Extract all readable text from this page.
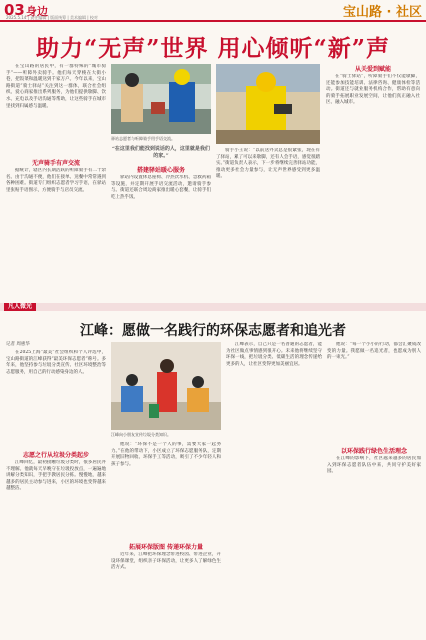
03 身边
2025.5.14 | 责任编辑 | 版面统筹 | 美术编辑 | 校对	宝山路 · 社区
助力“无声”世界 用心倾听“新”声
在宝山路的居民中，有一群特殊的“城市骑手”——听障外卖骑手。他们每天穿梭在大街小巷，把饭菜和温暖送到千家万户。今年以来，宝山路街道“骑士驿站”关注到这一群体，联合社会组织、爱心商家推出系列服务，为他们提供歇脚、饮水、充电以及手语沟通等帮助，让这些骑手在城市里找到归属感与温暖。
无声骑手有声交流
据统计，辖区内长期活跃的听障骑手有二十余名。由于沟通不便，他们在接单、送餐中常常遇到各种困难。街道专门组织志愿者学习手语，在驿站里张贴手语图示，方便骑手与店员交流。
驿站志愿者与听障骑手用手语交流。
“在这里我们能找到说话的人，这里就是我们的家。”
搭建驿站暖心服务
驿站内设置休息座椅、冷热饮水机、急救药箱等设施，并定期开展手语交流活动，邀请骑手参与。街道还联合周边商家推出暖心套餐，让骑手们吃上热乎饭。
骑手小王说：“以前送外卖总是很紧张，现在有了驿站，累了可以来歇脚，还有人会手语，感觉很踏实。”街道负责人表示，下一步将继续完善驿站功能，推动更多社会力量参与，让无声世界感受到更多温暖。
从关爱到赋能
在“骑士驿站”，听障骑手们不仅能歇脚，还能参加技能培训、法律咨询、健康体检等活动。街道还与就业服务机构合作，帮助有意向的骑手拓展职业发展空间，让他们真正融入社区、融入城市。
凡人微光
江峰：愿做一名践行的环保志愿者和追光者
记者 周惠华
在2025上海“最美”社会组织和个人评选中，宝山路街道的江峰获得“最美环保志愿者”称号。多年来，他坚持参与垃圾分类宣传、社区环境整治等志愿服务，用自己的行动感染身边的人。
志愿之行从垃圾分类起步
江峰回忆，最初接触垃圾分类时，很多居民并不理解。他就每天早晚守在垃圾投放点，一遍遍地讲解分类知识，手把手教居民分拣。慢慢地，越来越多的居民主动参与进来，小区的环境也变得越来越整洁。
江峰向小朋友宣传垃圾分类知识。
他说：“环保不是一个人的事，需要大家一起努力。”在他的带动下，小区成立了环保志愿服务队，定期开展旧物回收、环保手工等活动，吸引了不少年轻人和孩子参与。
拓展环保版图 传递环保力量
近年来，江峰把环保理念带进校园、带进企业，开设环保课堂，组织亲子环保活动，让更多人了解绿色生活方式。
江峰表示，自己只是一名普通的志愿者，能为社区做点事情感到很开心。未来他将继续坚守环保一线，把垃圾分类、低碳生活的理念传递给更多的人，让社区变得更加美丽宜居。
他说：“每一个小小的行动，都会汇聚成改变的力量。我愿做一名追光者，也愿成为别人的一束光。”
以环保践行绿色生活理念
在江峰的影响下，社区越来越多的居民加入到环保志愿者队伍中来，共同守护美好家园。
